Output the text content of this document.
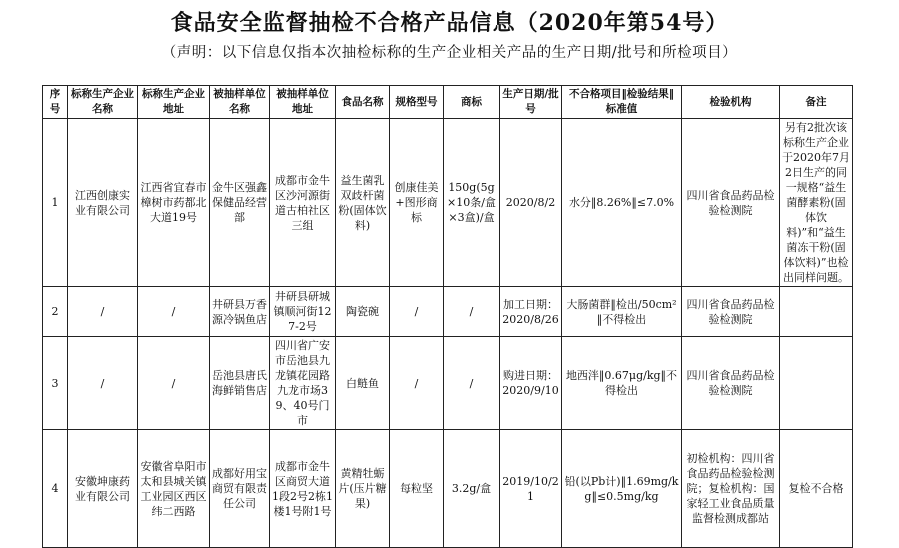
食品安全监督抽检不合格产品信息（2020年第54号）
（声明：以下信息仅指本次抽检标称的生产企业相关产品的生产日期/批号和所检项目）
序号	标称生产企业名称	标称生产企业地址	被抽样单位名称	被抽样单位地址	食品名称	规格型号	商标	生产日期/批号	不合格项目‖检验结果‖标准值	检验机构	备注
1	江西创康实业有限公司	江西省宜春市樟树市药都北大道19号	金牛区强鑫保健品经营部	成都市金牛区沙河源街道古柏社区三组	益生菌乳双歧杆菌粉(固体饮料)	创康佳美+图形商标	150g(5g×10条/盒×3盒)/盒	2020/8/2	水分‖8.26%‖≤7.0%	四川省食品药品检验检测院	另有2批次该标称生产企业于2020年7月2日生产的同一规格“益生菌酵素粉(固体饮料)”和“益生菌冻干粉(固体饮料)”也检出同样问题。
2	/	/	井研县万香源冷锅鱼店	井研县研城镇顺河街127-2号	陶瓷碗	/	/	加工日期：2020/8/26	大肠菌群‖检出/50cm²‖不得检出	四川省食品药品检验检测院	
3	/	/	岳池县唐氏海鲜销售店	四川省广安市岳池县九龙镇花园路九龙市场39、40号门市	白鲢鱼	/	/	购进日期：2020/9/10	地西泮‖0.67μg/kg‖不得检出	四川省食品药品检验检测院	
4	安徽坤康药业有限公司	安徽省阜阳市太和县城关镇工业园区西区纬二西路	成都好用宝商贸有限责任公司	成都市金牛区商贸大道1段2号2栋1楼1号附1号	黄精牡蛎片(压片糖果)	每粒坚	3.2g/盒	2019/10/21	铅(以Pb计)‖1.69mg/kg‖≤0.5mg/kg	初检机构：四川省食品药品检验检测院；复检机构：国家轻工业食品质量监督检测成都站	复检不合格
